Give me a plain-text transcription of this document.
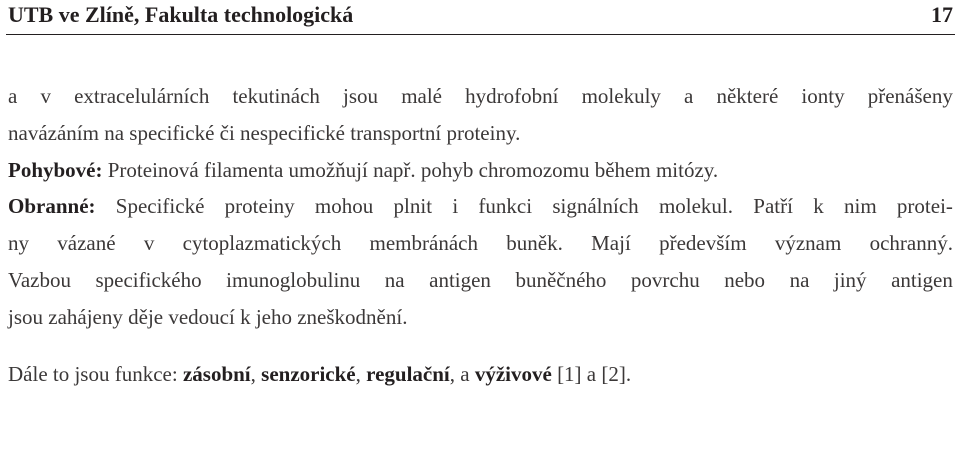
UTB ve Zlíně, Fakulta technologická	17
a v extracelulárních tekutinách jsou malé hydrofobní molekuly a některé ionty přenášeny
navázáním na specifické či nespecifické transportní proteiny.
Pohybové: Proteinová filamenta umožňují např. pohyb chromozomu během mitózy.
Obranné: Specifické proteiny mohou plnit i funkci signálních molekul. Patří k nim protei-
ny vázané v cytoplazmatických membránách buněk. Mají především význam ochranný.
Vazbou specifického imunoglobulinu na antigen buněčného povrchu nebo na jiný antigen
jsou zahájeny děje vedoucí k jeho zneškodnění.
Dále to jsou funkce: zásobní, senzorické, regulační, a výživové [1] a [2].
